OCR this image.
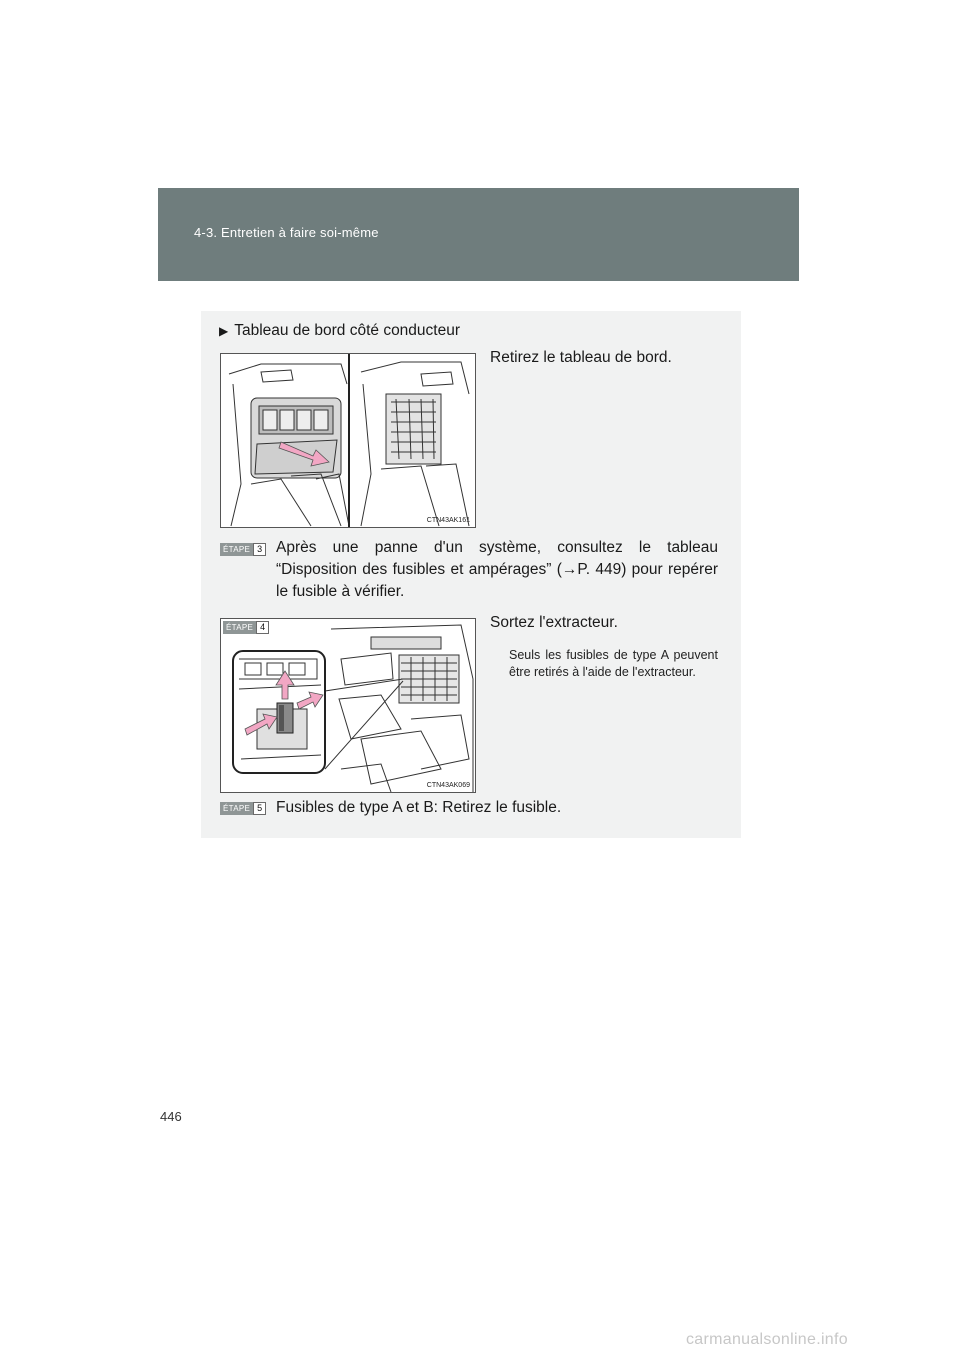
4-3. Entretien à faire soi-même
▶ Tableau de bord côté conducteur
CTN43AK161
Retirez le tableau de bord.
ÉTAPE 3 Après une panne d'un système, consultez le tableau “Disposition des fusibles et ampérages” (→P. 449) pour repérer le fusible à vérifier.
ÉTAPE 4
CTN43AK069
Sortez l'extracteur.
Seuls les fusibles de type A peuvent être retirés à l'aide de l'extracteur.
ÉTAPE 5 Fusibles de type A et B: Retirez le fusible.
446
carmanualsonline.info
